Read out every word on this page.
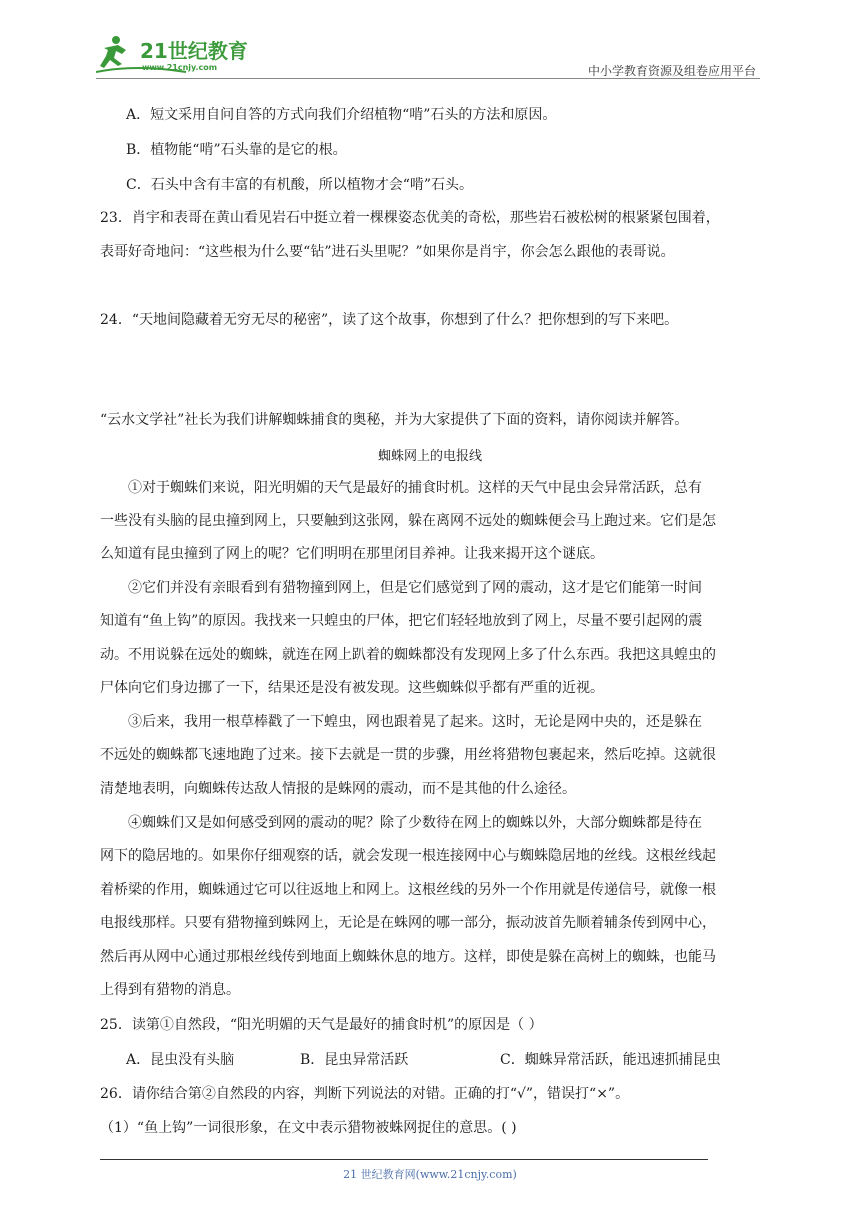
21世纪教育
www.21cnjy.com	中小学教育资源及组卷应用平台
A．短文采用自问自答的方式向我们介绍植物“啃”石头的方法和原因。
B．植物能“啃”石头靠的是它的根。
C．石头中含有丰富的有机酸，所以植物才会“啃”石头。
23．肖宇和表哥在黄山看见岩石中挺立着一棵棵姿态优美的奇松，那些岩石被松树的根紧紧包围着，
表哥好奇地问：“这些根为什么要“钻”进石头里呢？”如果你是肖宇，你会怎么跟他的表哥说。
24．“天地间隐藏着无穷无尽的秘密”，读了这个故事，你想到了什么？把你想到的写下来吧。
“云水文学社”社长为我们讲解蜘蛛捕食的奥秘，并为大家提供了下面的资料，请你阅读并解答。
蜘蛛网上的电报线
①对于蜘蛛们来说，阳光明媚的天气是最好的捕食时机。这样的天气中昆虫会异常活跃，总有
一些没有头脑的昆虫撞到网上，只要触到这张网，躲在离网不远处的蜘蛛便会马上跑过来。它们是怎
么知道有昆虫撞到了网上的呢？它们明明在那里闭目养神。让我来揭开这个谜底。
②它们并没有亲眼看到有猎物撞到网上，但是它们感觉到了网的震动，这才是它们能第一时间
知道有“鱼上钩”的原因。我找来一只蝗虫的尸体，把它们轻轻地放到了网上，尽量不要引起网的震
动。不用说躲在远处的蜘蛛，就连在网上趴着的蜘蛛都没有发现网上多了什么东西。我把这具蝗虫的
尸体向它们身边挪了一下，结果还是没有被发现。这些蜘蛛似乎都有严重的近视。
③后来，我用一根草棒戳了一下蝗虫，网也跟着晃了起来。这时，无论是网中央的，还是躲在
不远处的蜘蛛都飞速地跑了过来。接下去就是一贯的步骤，用丝将猎物包裹起来，然后吃掉。这就很
清楚地表明，向蜘蛛传达敌人情报的是蛛网的震动，而不是其他的什么途径。
④蜘蛛们又是如何感受到网的震动的呢？除了少数待在网上的蜘蛛以外，大部分蜘蛛都是待在
网下的隐居地的。如果你仔细观察的话，就会发现一根连接网中心与蜘蛛隐居地的丝线。这根丝线起
着桥梁的作用，蜘蛛通过它可以往返地上和网上。这根丝线的另外一个作用就是传递信号，就像一根
电报线那样。只要有猎物撞到蛛网上，无论是在蛛网的哪一部分，振动波首先顺着辅条传到网中心，
然后再从网中心通过那根丝线传到地面上蜘蛛休息的地方。这样，即使是躲在高树上的蜘蛛，也能马
上得到有猎物的消息。
25．读第①自然段，“阳光明媚的天气是最好的捕食时机”的原因是（ ）
A．昆虫没有头脑	B．昆虫异常活跃	C．蜘蛛异常活跃，能迅速抓捕昆虫
26．请你结合第②自然段的内容，判断下列说法的对错。正确的打“√”，错误打“×”。
（1）“鱼上钩”一词很形象，在文中表示猎物被蛛网捉住的意思。( )
21 世纪教育网(www.21cnjy.com)
